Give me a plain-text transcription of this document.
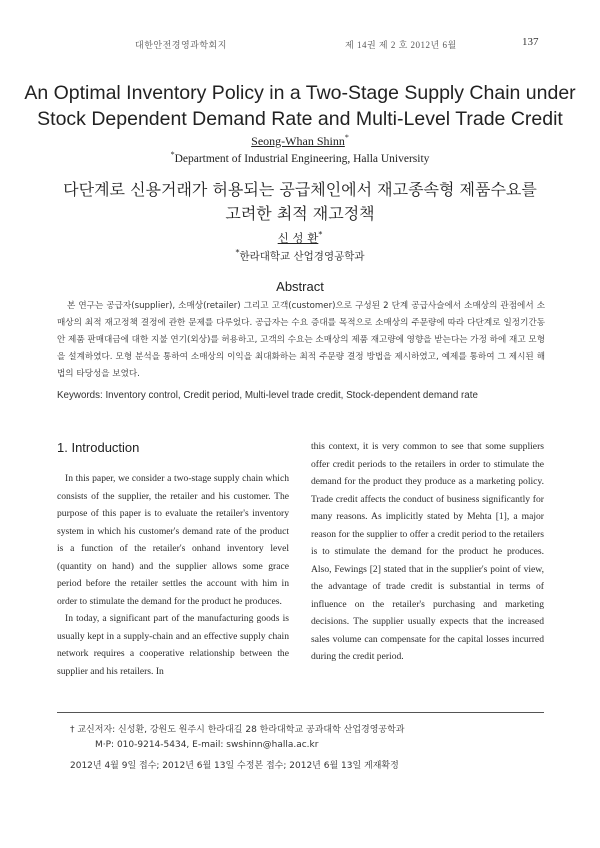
대한안전경영과학회지	제 14권 제 2 호 2012년 6월	137
An Optimal Inventory Policy in a Two-Stage Supply Chain under
Stock Dependent Demand Rate and Multi-Level Trade Credit
Seong-Whan Shinn*
*Department of Industrial Engineering, Halla University
다단계로 신용거래가 허용되는 공급체인에서 재고종속형 제품수요를
고려한 최적 재고정책
신 성 환*
*한라대학교 산업경영공학과
Abstract
본 연구는 공급자(supplier), 소매상(retailer) 그리고 고객(customer)으로 구성된 2 단계 공급사슬에서 소매상의 관점에서 소매상의 최적 재고정책 결정에 관한 문제를 다루었다. 공급자는 수요 증대를 목적으로 소매상의 주문량에 따라 다단계로 일정기간동안 제품 판매대금에 대한 지불 연기(외상)를 허용하고, 고객의 수요는 소매상의 제품 재고량에 영향을 받는다는 가정 하에 재고 모형을 설계하였다. 모형 분석을 통하여 소매상의 이익을 최대화하는 최적 주문량 결정 방법을 제시하였고, 예제를 통하여 그 제시된 해법의 타당성을 보였다.
Keywords: Inventory control, Credit period, Multi-level trade credit, Stock-dependent demand rate
1. Introduction

In this paper, we consider a two-stage supply chain which consists of the supplier, the retailer and his customer. The purpose of this paper is to evaluate the retailer's inventory system in which his customer's demand rate of the product is a function of the retailer's onhand inventory level (quantity on hand) and the supplier allows some grace period before the retailer settles the account with him in order to stimulate the demand for the product he produces.

In today, a significant part of the manufacturing goods is usually kept in a supply-chain and an effective supply chain network requires a cooperative relationship between the supplier and his retailers. In

this context, it is very common to see that some suppliers offer credit periods to the retailers in order to stimulate the demand for the product they produce as a marketing policy. Trade credit affects the conduct of business significantly for many reasons. As implicitly stated by Mehta [1], a major reason for the supplier to offer a credit period to the retailers is to stimulate the demand for the product he produces. Also, Fewings [2] stated that in the supplier's point of view, the advantage of trade credit is substantial in terms of influence on the retailer's purchasing and marketing decisions. The supplier usually expects that the increased sales volume can compensate for the capital losses incurred during the credit period.

† 교신저자: 신성환, 강원도 원주시 한라대길 28 한라대학교 공과대학 산업경영공학과
M·P: 010-9214-5434, E-mail: swshinn@halla.ac.kr
2012년 4월 9일 접수; 2012년 6월 13일 수정본 접수; 2012년 6월 13일 게재확정
